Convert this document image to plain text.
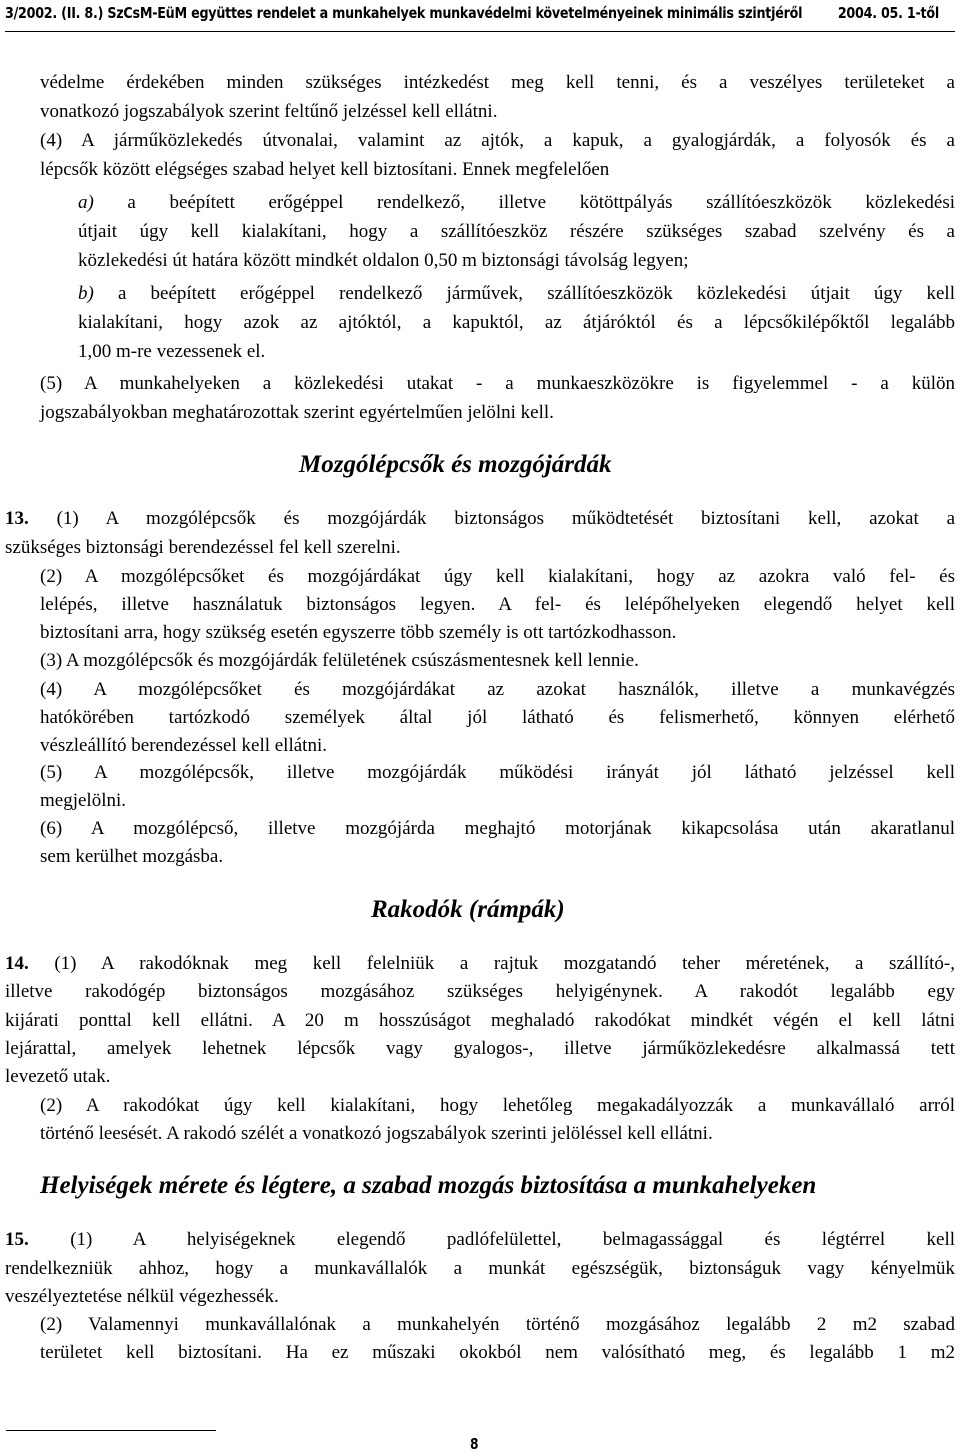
3/2002. (II. 8.) SzCsM-EüM együttes rendelet a munkahelyek munkavédelmi követelményeinek minimális szintjéről 2004. 05. 1-től
védelme érdekében minden szükséges intézkedést meg kell tenni, és a veszélyes területeket a
vonatkozó jogszabályok szerint feltűnő jelzéssel kell ellátni.
(4) A járműközlekedés útvonalai, valamint az ajtók, a kapuk, a gyalogjárdák, a folyosók és a
lépcsők között elégséges szabad helyet kell biztosítani. Ennek megfelelően
a) a beépített erőgéppel rendelkező, illetve kötöttpályás szállítóeszközök közlekedési
útjait úgy kell kialakítani, hogy a szállítóeszköz részére szükséges szabad szelvény és a
közlekedési út határa között mindkét oldalon 0,50 m biztonsági távolság legyen;
b) a beépített erőgéppel rendelkező járművek, szállítóeszközök közlekedési útjait úgy kell
kialakítani, hogy azok az ajtóktól, a kapuktól, az átjáróktól és a lépcsőkilépőktől legalább
1,00 m-re vezessenek el.
(5) A munkahelyeken a közlekedési utakat - a munkaeszközökre is figyelemmel - a külön
jogszabályokban meghatározottak szerint egyértelműen jelölni kell.
Mozgólépcsők és mozgójárdák
13. (1) A mozgólépcsők és mozgójárdák biztonságos működtetését biztosítani kell, azokat a
szükséges biztonsági berendezéssel fel kell szerelni.
(2) A mozgólépcsőket és mozgójárdákat úgy kell kialakítani, hogy az azokra való fel- és
lelépés, illetve használatuk biztonságos legyen. A fel- és lelépőhelyeken elegendő helyet kell
biztosítani arra, hogy szükség esetén egyszerre több személy is ott tartózkodhasson.
(3) A mozgólépcsők és mozgójárdák felületének csúszásmentesnek kell lennie.
(4) A mozgólépcsőket és mozgójárdákat az azokat használók, illetve a munkavégzés
hatókörében tartózkodó személyek által jól látható és felismerhető, könnyen elérhető
vészleállító berendezéssel kell ellátni.
(5) A mozgólépcsők, illetve mozgójárdák működési irányát jól látható jelzéssel kell
megjelölni.
(6) A mozgólépcső, illetve mozgójárda meghajtó motorjának kikapcsolása után akaratlanul
sem kerülhet mozgásba.
Rakodók (rámpák)
14. (1) A rakodóknak meg kell felelniük a rajtuk mozgatandó teher méretének, a szállító-,
illetve rakodógép biztonságos mozgásához szükséges helyigénynek. A rakodót legalább egy
kijárati ponttal kell ellátni. A 20 m hosszúságot meghaladó rakodókat mindkét végén el kell látni
lejárattal, amelyek lehetnek lépcsők vagy gyalogos-, illetve járműközlekedésre alkalmassá tett
levezető utak.
(2) A rakodókat úgy kell kialakítani, hogy lehetőleg megakadályozzák a munkavállaló arról
történő leesését. A rakodó szélét a vonatkozó jogszabályok szerinti jelöléssel kell ellátni.
Helyiségek mérete és légtere, a szabad mozgás biztosítása a munkahelyeken
15. (1) A helyiségeknek elegendő padlófelülettel, belmagassággal és légtérrel kell
rendelkezniük ahhoz, hogy a munkavállalók a munkát egészségük, biztonságuk vagy kényelmük
veszélyeztetése nélkül végezhessék.
(2) Valamennyi munkavállalónak a munkahelyén történő mozgásához legalább 2 m2 szabad
területet kell biztosítani. Ha ez műszaki okokból nem valósítható meg, és legalább 1 m2
8
